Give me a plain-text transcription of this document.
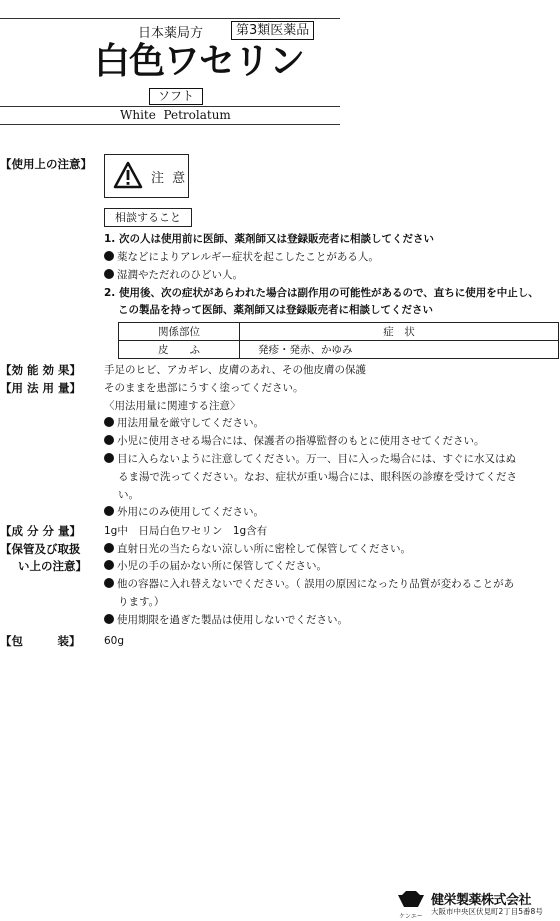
日本薬局方	第3類医薬品
白色ワセリン
ソフト
White  Petrolatum
【使用上の注意】
注 意
相談すること
1. 次の人は使用前に医師、薬剤師又は登録販売者に相談してください
薬などによりアレルギー症状を起こしたことがある人。
湿潤やただれのひどい人。
2. 使用後、次の症状があらわれた場合は副作用の可能性があるので、直ちに使用を中止し、
この製品を持って医師、薬剤師又は登録販売者に相談してください
関係部位	症　状
皮　　ふ	発疹・発赤、かゆみ
【効 能 効 果】 手足のヒビ、アカギレ、皮膚のあれ、その他皮膚の保護
【用 法 用 量】 そのままを患部にうすく塗ってください。
〈用法用量に関連する注意〉
用法用量を厳守してください。
小児に使用させる場合には、保護者の指導監督のもとに使用させてください。
目に入らないように注意してください。万一、目に入った場合には、すぐに水又はぬ
るま湯で洗ってください。なお、症状が重い場合には、眼科医の診療を受けてくださ
い。
外用にのみ使用してください。
【成 分 分 量】 1g中　日局白色ワセリン　1g含有
【保管及び取扱
い上の注意】
直射日光の当たらない涼しい所に密栓して保管してください。
小児の手の届かない所に保管してください。
他の容器に入れ替えないでください。（ 誤用の原因になったり品質が変わることがあ
ります。）
使用期限を過ぎた製品は使用しないでください。
【包　　　装】 60g
ケンエー
健栄製薬株式会社
大阪市中央区伏見町2丁目5番8号
